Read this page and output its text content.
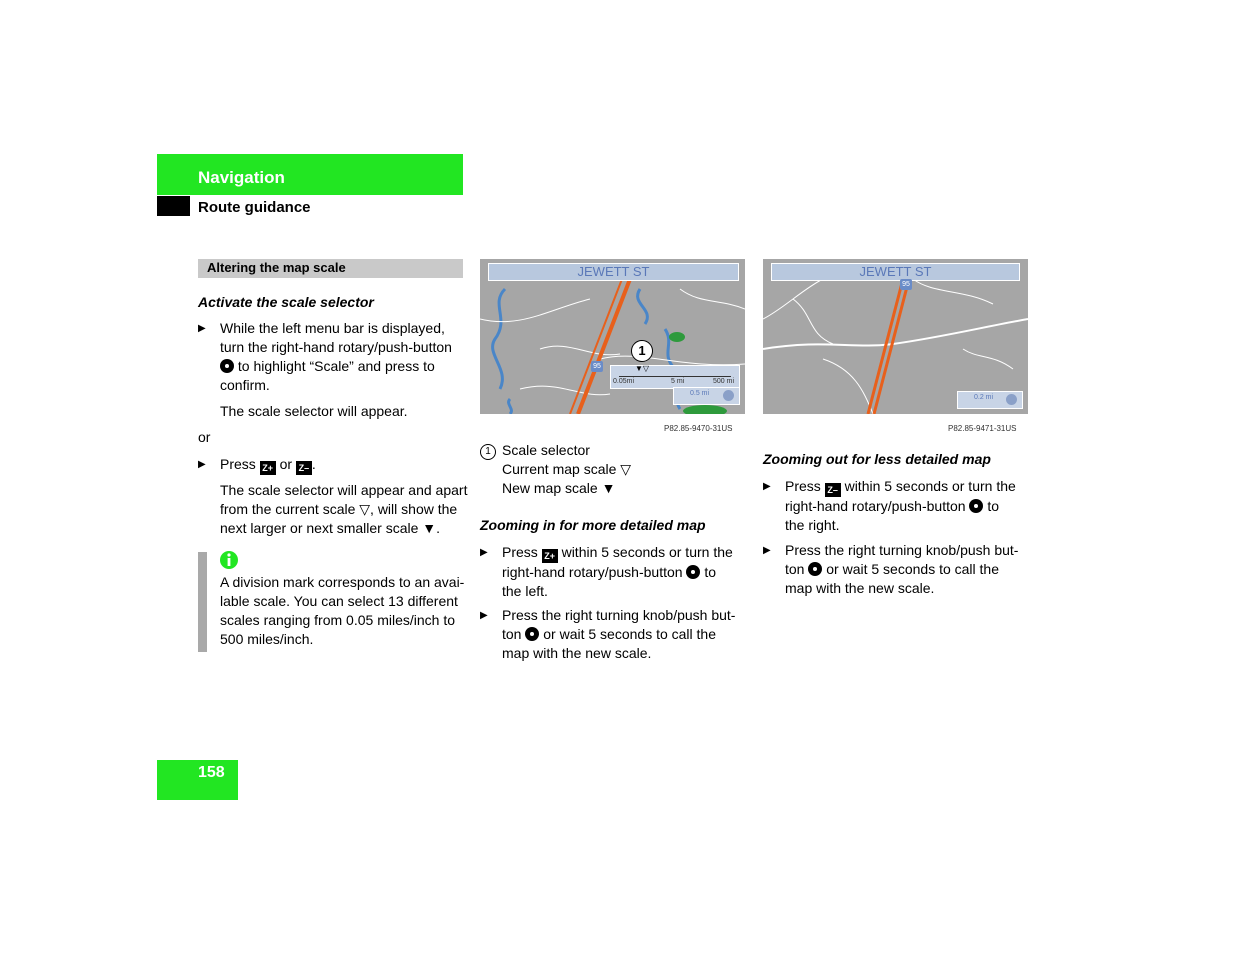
Navigation
Route guidance
Altering the map scale
Activate the scale selector
▶ While the left menu bar is displayed,
turn the right-hand rotary/push-button
to highlight “Scale” and press to
confirm.
The scale selector will appear.
or
▶ Press Z+ or Z– .
The scale selector will appear and apart
from the current scale ▽, will show the
next larger or next smaller scale ▼.
A division mark corresponds to an avai-
lable scale. You can select 13 different
scales ranging from 0.05 miles/inch to
500 miles/inch.
JEWETT ST
95
1
▼▽
0.05mi	5 mi	500 mi
0.5 mi
P82.85-9470-31US
JEWETT ST
95
0.2 mi
P82.85-9471-31US
1 Scale selector
Current map scale ▽
New map scale ▼
Zooming in for more detailed map
▶ Press Z+ within 5 seconds or turn the
right-hand rotary/push-button to
the left.
▶ Press the right turning knob/push but-
ton or wait 5 seconds to call the
map with the new scale.
Zooming out for less detailed map
▶ Press Z– within 5 seconds or turn the
right-hand rotary/push-button to
the right.
▶ Press the right turning knob/push but-
ton or wait 5 seconds to call the
map with the new scale.
158
